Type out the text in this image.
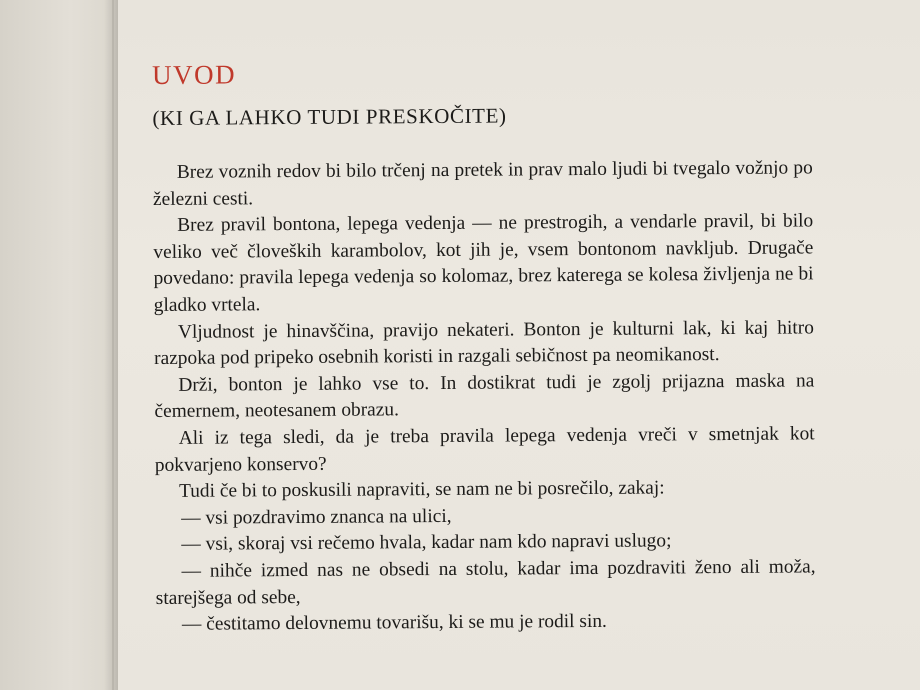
UVOD
(KI GA LAHKO TUDI PRESKOČITE)

Brez voznih redov bi bilo trčenj na pretek in prav malo ljudi bi tvegalo vožnjo po železni cesti.

Brez pravil bontona, lepega vedenja — ne prestrogih, a vendarle pravil, bi bilo veliko več človeških karambolov, kot jih je, vsem bontonom navkljub. Drugače povedano: pravila lepega vedenja so kolomaz, brez katerega se kolesa življenja ne bi gladko vrtela.

Vljudnost je hinavščina, pravijo nekateri. Bonton je kulturni lak, ki kaj hitro razpoka pod pripeko osebnih koristi in razgali sebičnost pa neomikanost.

Drži, bonton je lahko vse to. In dostikrat tudi je zgolj prijazna maska na čemernem, neotesanem obrazu.

Ali iz tega sledi, da je treba pravila lepega vedenja vreči v smetnjak kot pokvarjeno konservo?

Tudi če bi to poskusili napraviti, se nam ne bi posrečilo, zakaj:

— vsi pozdravimo znanca na ulici,

— vsi, skoraj vsi rečemo hvala, kadar nam kdo napravi uslugo;

— nihče izmed nas ne obsedi na stolu, kadar ima pozdraviti ženo ali moža, starejšega od sebe,

— čestitamo delovnemu tovarišu, ki se mu je rodil sin.
